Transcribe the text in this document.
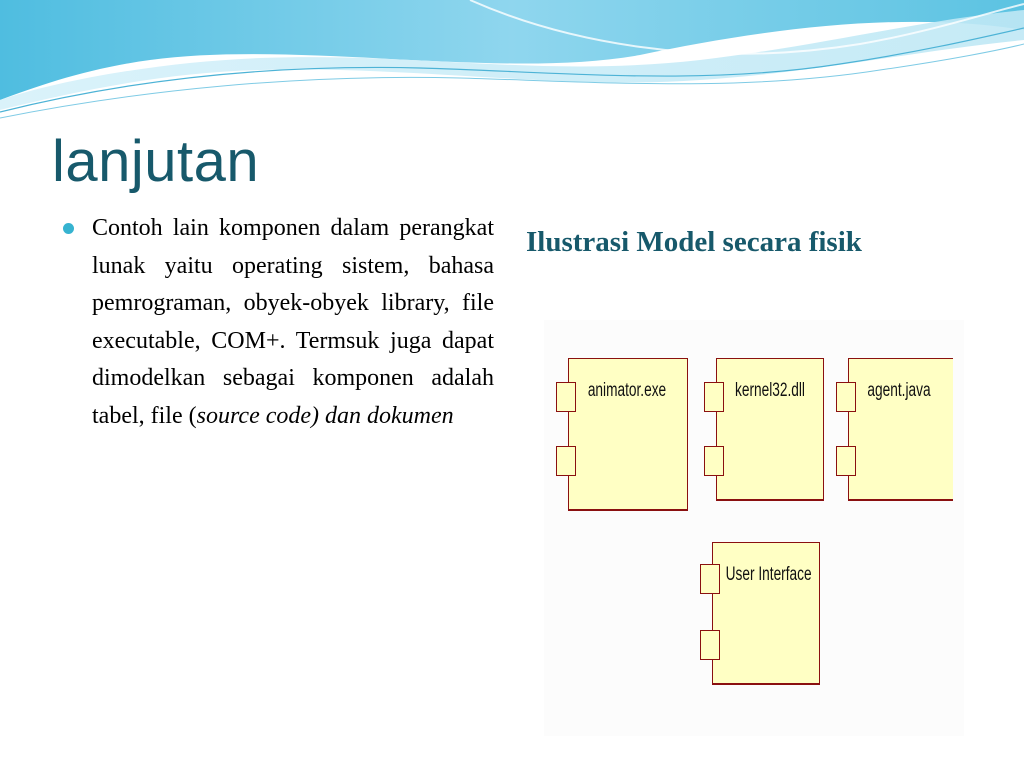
lanjutan
Contoh lain komponen dalam perangkat lunak yaitu operating sistem, bahasa pemrograman, obyek-obyek library, file executable, COM+. Termsuk juga dapat dimodelkan sebagai komponen adalah tabel, file (source code) dan dokumen
Ilustrasi Model secara fisik
animator.exe	kernel32.dll	agent.java
User Interface
